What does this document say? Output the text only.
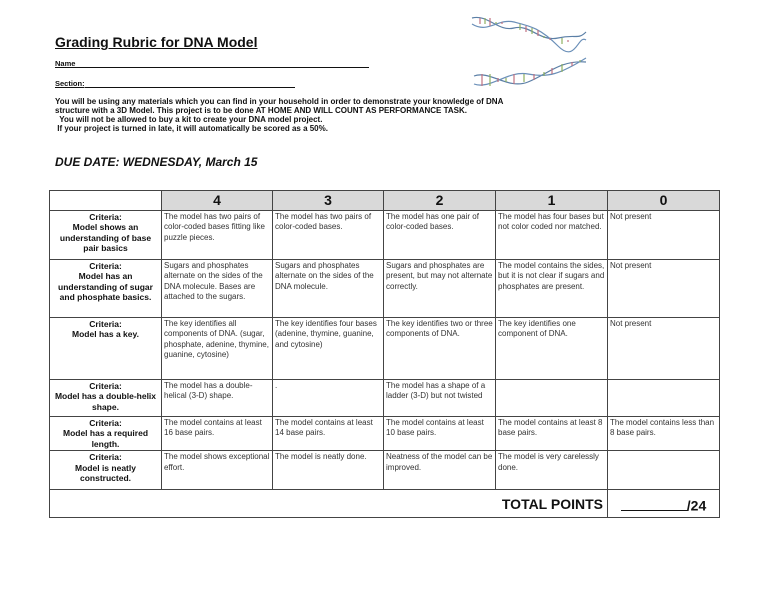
Grading Rubric for DNA Model
Name
Section:
You will be using any materials which you can find in your household in order to demonstrate your knowledge of DNA
structure with a 3D Model. This project is to be done AT HOME AND WILL COUNT AS PERFORMANCE TASK.
You will not be allowed to buy a kit to create your DNA model project.
If your project is turned in late, it will automatically be scored as a 50%.
DUE DATE: WEDNESDAY, March 15
	4	3	2	1	0
Criteria:
Model shows an understanding of base pair basics	The model has two pairs of color-coded bases fitting like puzzle pieces.	The model has two pairs of color-coded bases.	The model has one pair of color-coded bases.	The model has four bases but not color coded nor matched.	Not present
Criteria:
Model has an understanding of sugar and phosphate basics.	Sugars and phosphates alternate on the sides of the DNA molecule. Bases are attached to the sugars.	Sugars and phosphates alternate on the sides of the DNA molecule.	Sugars and phosphates are present, but may not alternate correctly.	The model contains the sides, but it is not clear if sugars and phosphates are present.	Not present
Criteria:
Model has a key.	The key identifies all components of DNA. (sugar, phosphate, adenine, thymine, guanine, cytosine)	The key identifies four bases (adenine, thymine, guanine, and cytosine)	The key identifies two or three components of DNA.	The key identifies one component of DNA.	Not present
Criteria:
Model has a double-helix shape.	The model has a double-helical (3-D) shape.	.	The model has a shape of a ladder (3-D) but not twisted		
Criteria:
Model has a required length.	The model contains at least 16 base pairs.	The model contains at least 14 base pairs.	The model contains at least 10 base pairs.	The model contains at least 8 base pairs.	The model contains less than 8 base pairs.
Criteria:
Model is neatly constructed.	The model shows exceptional effort.	The model is neatly done.	Neatness of the model can be improved.	The model is very carelessly done.	
TOTAL POINTS					/24
